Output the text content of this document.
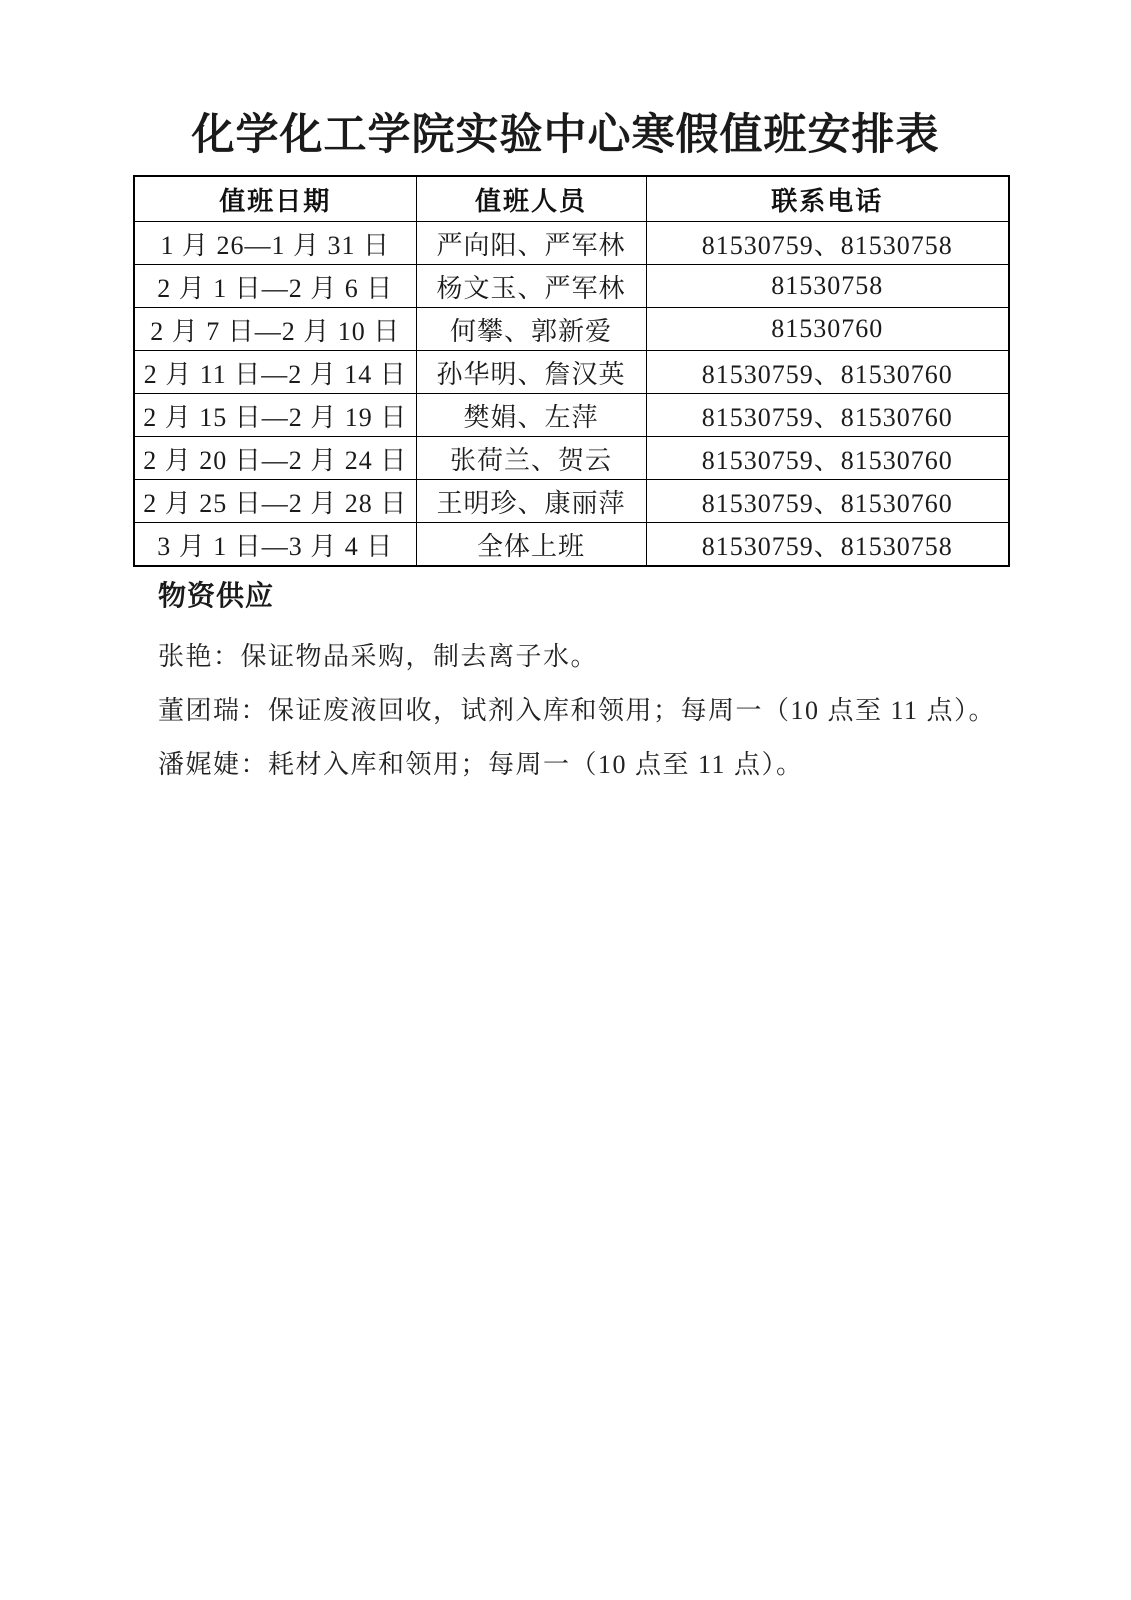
化学化工学院实验中心寒假值班安排表
值班日期	值班人员	联系电话
1 月 26—1 月 31 日	严向阳、严军林	81530759、81530758
2 月 1 日—2 月 6 日	杨文玉、严军林	81530758
2 月 7 日—2 月 10 日	何攀、郭新爱	81530760
2 月 11 日—2 月 14 日	孙华明、詹汉英	81530759、81530760
2 月 15 日—2 月 19 日	樊娟、左萍	81530759、81530760
2 月 20 日—2 月 24 日	张荷兰、贺云	81530759、81530760
2 月 25 日—2 月 28 日	王明珍、康丽萍	81530759、81530760
3 月 1 日—3 月 4 日	全体上班	81530759、81530758
物资供应

张艳：保证物品采购，制去离子水。

董团瑞：保证废液回收，试剂入库和领用；每周一（10 点至 11 点）。

潘娓婕：耗材入库和领用；每周一（10 点至 11 点）。
